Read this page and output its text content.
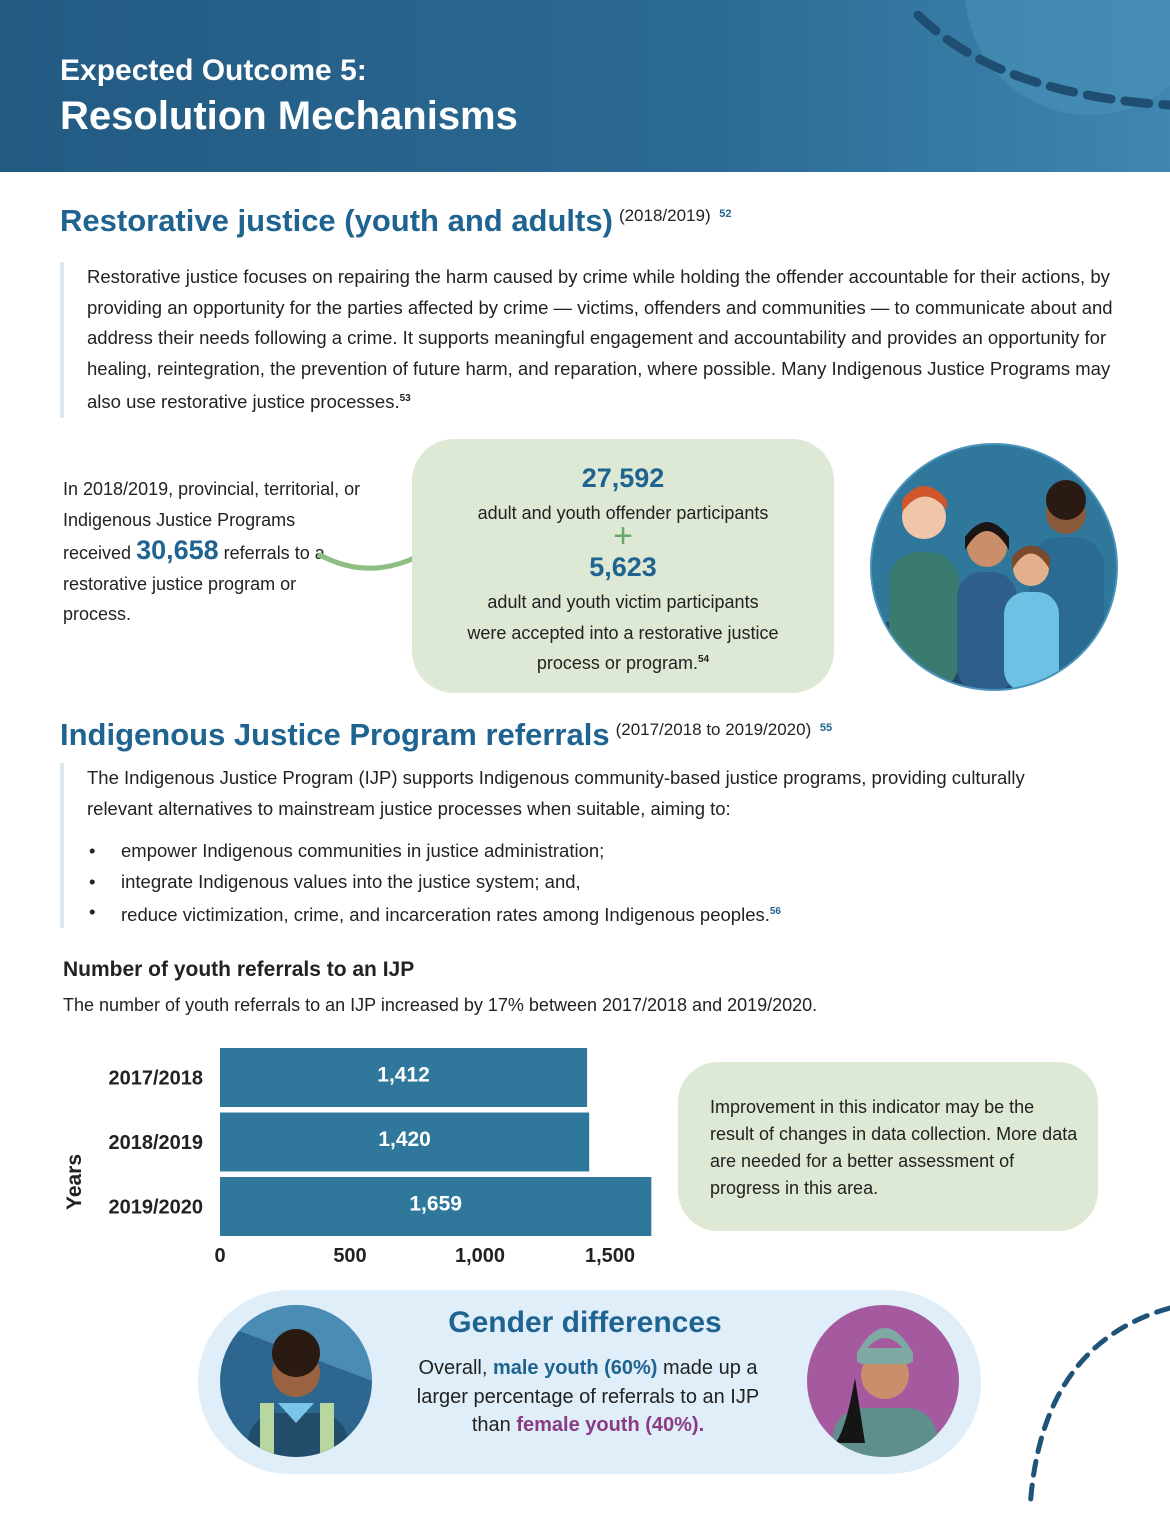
Expected Outcome 5:
Resolution Mechanisms
Restorative justice (youth and adults) $^{(2018/2019)}$ $^{52}$
Restorative justice focuses on repairing the harm caused by crime while holding the offender accountable for their actions, by providing an opportunity for the parties affected by crime — victims, offenders and communities — to communicate about and address their needs following a crime. It supports meaningful engagement and accountability and provides an opportunity for healing, reintegration, the prevention of future harm, and reparation, where possible. Many Indigenous Justice Programs may also use restorative justice processes.$^{53}$
In 2018/2019, provincial, territorial, or Indigenous Justice Programs received 30,658 referrals to a restorative justice program or process.
27,592
adult and youth offender participants
+
5,623
adult and youth victim participants
were accepted into a restorative justice
process or program.$^{54}$
Indigenous Justice Program referrals $^{(2017/2018 to 2019/2020)}$ $^{55}$
The Indigenous Justice Program (IJP) supports Indigenous community-based justice programs, providing culturally relevant alternatives to mainstream justice processes when suitable, aiming to:
• empower Indigenous communities in justice administration;
• integrate Indigenous values into the justice system; and,
• reduce victimization, crime, and incarceration rates among Indigenous peoples.$^{56}$
Number of youth referrals to an IJP
The number of youth referrals to an IJP increased by 17% between 2017/2018 and 2019/2020.
Years
1,412
2017/2018
1,420
2018/2019
1,659
2019/2020
0	500	1,000	1,500

Improvement in this indicator may be the result of changes in data collection. More data are needed for a better assessment of progress in this area.

Gender differences
Overall, male youth (60%) made up a larger percentage of referrals to an IJP than female youth (40%).
